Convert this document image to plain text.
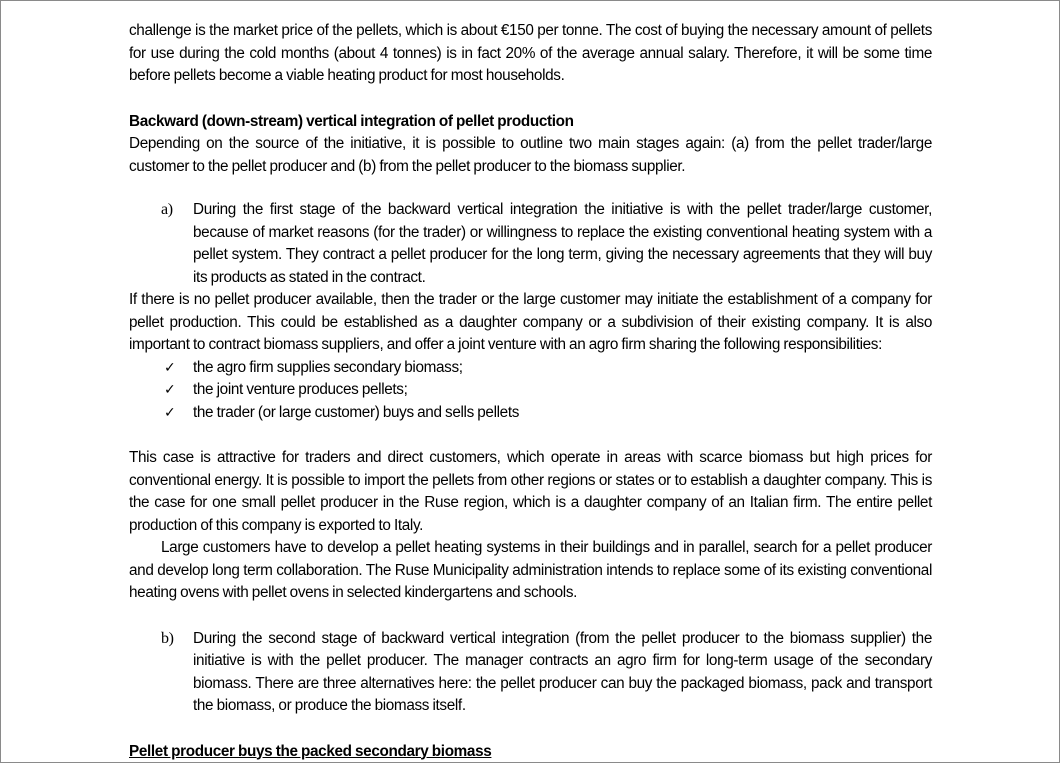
challenge is the market price of the pellets, which is about €150 per tonne. The cost of buying the necessary amount of pellets for use during the cold months (about 4 tonnes) is in fact 20% of the average annual salary. Therefore, it will be some time before pellets become a viable heating product for most households.

Backward (down-stream) vertical integration of pellet production

Depending on the source of the initiative, it is possible to outline two main stages again: (a) from the pellet trader/large customer to the pellet producer and (b) from the pellet producer to the biomass supplier.

a) During the first stage of the backward vertical integration the initiative is with the pellet trader/large customer, because of market reasons (for the trader) or willingness to replace the existing conventional heating system with a pellet system. They contract a pellet producer for the long term, giving the necessary agreements that they will buy its products as stated in the contract.

If there is no pellet producer available, then the trader or the large customer may initiate the establishment of a company for pellet production. This could be established as a daughter company or a subdivision of their existing company. It is also important to contract biomass suppliers, and offer a joint venture with an agro firm sharing the following responsibilities:

✓ the agro firm supplies secondary biomass;
✓ the joint venture produces pellets;
✓ the trader (or large customer) buys and sells pellets

This case is attractive for traders and direct customers, which operate in areas with scarce biomass but high prices for conventional energy. It is possible to import the pellets from other regions or states or to establish a daughter company. This is the case for one small pellet producer in the Ruse region, which is a daughter company of an Italian firm. The entire pellet production of this company is exported to Italy.

Large customers have to develop a pellet heating systems in their buildings and in parallel, search for a pellet producer and develop long term collaboration. The Ruse Municipality administration intends to replace some of its existing conventional heating ovens with pellet ovens in selected kindergartens and schools.

b) During the second stage of backward vertical integration (from the pellet producer to the biomass supplier) the initiative is with the pellet producer. The manager contracts an agro firm for long-term usage of the secondary biomass. There are three alternatives here: the pellet producer can buy the packaged biomass, pack and transport the biomass, or produce the biomass itself.

Pellet producer buys the packed secondary biomass
